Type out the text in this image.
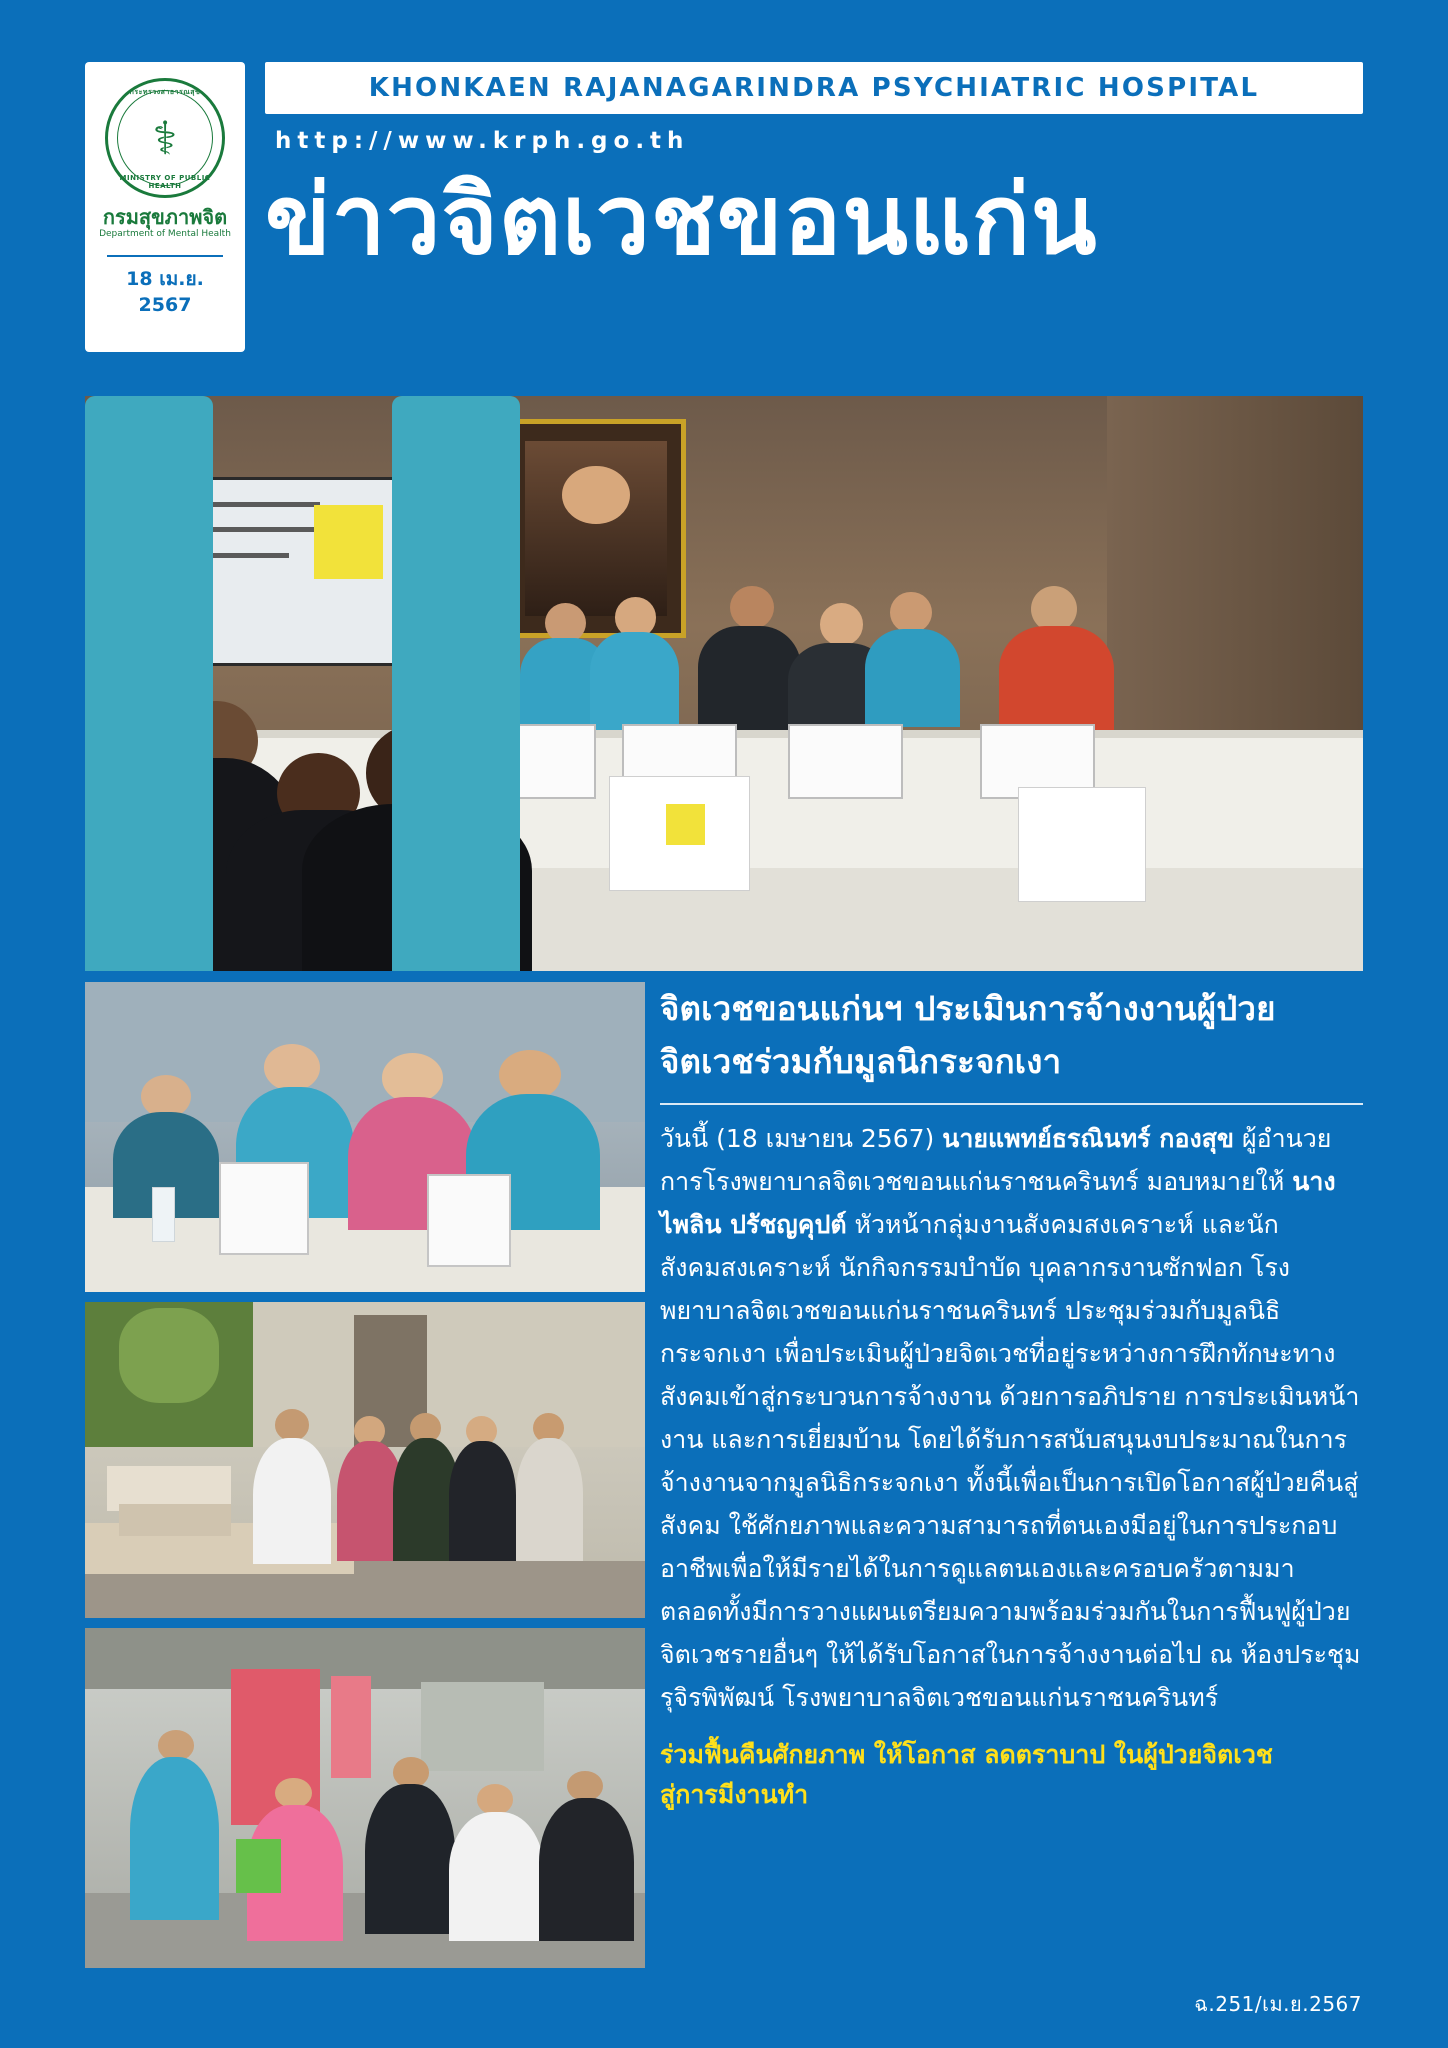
กระทรวงสาธารณสุข
⚕
MINISTRY OF PUBLIC HEALTH
กรมสุขภาพจิต
Department of Mental Health
18 เม.ย. 2567
KHONKAEN RAJANAGARINDRA PSYCHIATRIC HOSPITAL
http://www.krph.go.th
ข่าวจิตเวชขอนแก่น
จิตเวชขอนแก่นฯ ประเมินการจ้างงานผู้ป่วย
จิตเวชร่วมกับมูลนิกระจกเงา
วันนี้ (18 เมษายน 2567) นายแพทย์ธรณินทร์ กองสุข ผู้อำนวยการโรงพยาบาลจิตเวชขอนแก่นราชนครินทร์ มอบหมายให้ นางไพลิน ปรัชญคุปต์ หัวหน้ากลุ่มงานสังคมสงเคราะห์ และนักสังคมสงเคราะห์ นักกิจกรรมบำบัด บุคลากรงานซักฟอก โรงพยาบาลจิตเวชขอนแก่นราชนครินทร์ ประชุมร่วมกับมูลนิธิกระจกเงา เพื่อประเมินผู้ป่วยจิตเวชที่อยู่ระหว่างการฝึกทักษะทางสังคมเข้าสู่กระบวนการจ้างงาน ด้วยการอภิปราย การประเมินหน้างาน และการเยี่ยมบ้าน โดยได้รับการสนับสนุนงบประมาณในการจ้างงานจากมูลนิธิกระจกเงา ทั้งนี้เพื่อเป็นการเปิดโอกาสผู้ป่วยคืนสู่สังคม ใช้ศักยภาพและความสามารถที่ตนเองมีอยู่ในการประกอบอาชีพเพื่อให้มีรายได้ในการดูแลตนเองและครอบครัวตามมา ตลอดทั้งมีการวางแผนเตรียมความพร้อมร่วมกันในการฟื้นฟูผู้ป่วยจิตเวชรายอื่นๆ ให้ได้รับโอกาสในการจ้างงานต่อไป ณ ห้องประชุมรุจิรพิพัฒน์ โรงพยาบาลจิตเวชขอนแก่นราชนครินทร์
ร่วมฟื้นคืนศักยภาพ ให้โอกาส ลดตราบาป ในผู้ป่วยจิตเวช
สู่การมีงานทำ
ฉ.251/เม.ย.2567
